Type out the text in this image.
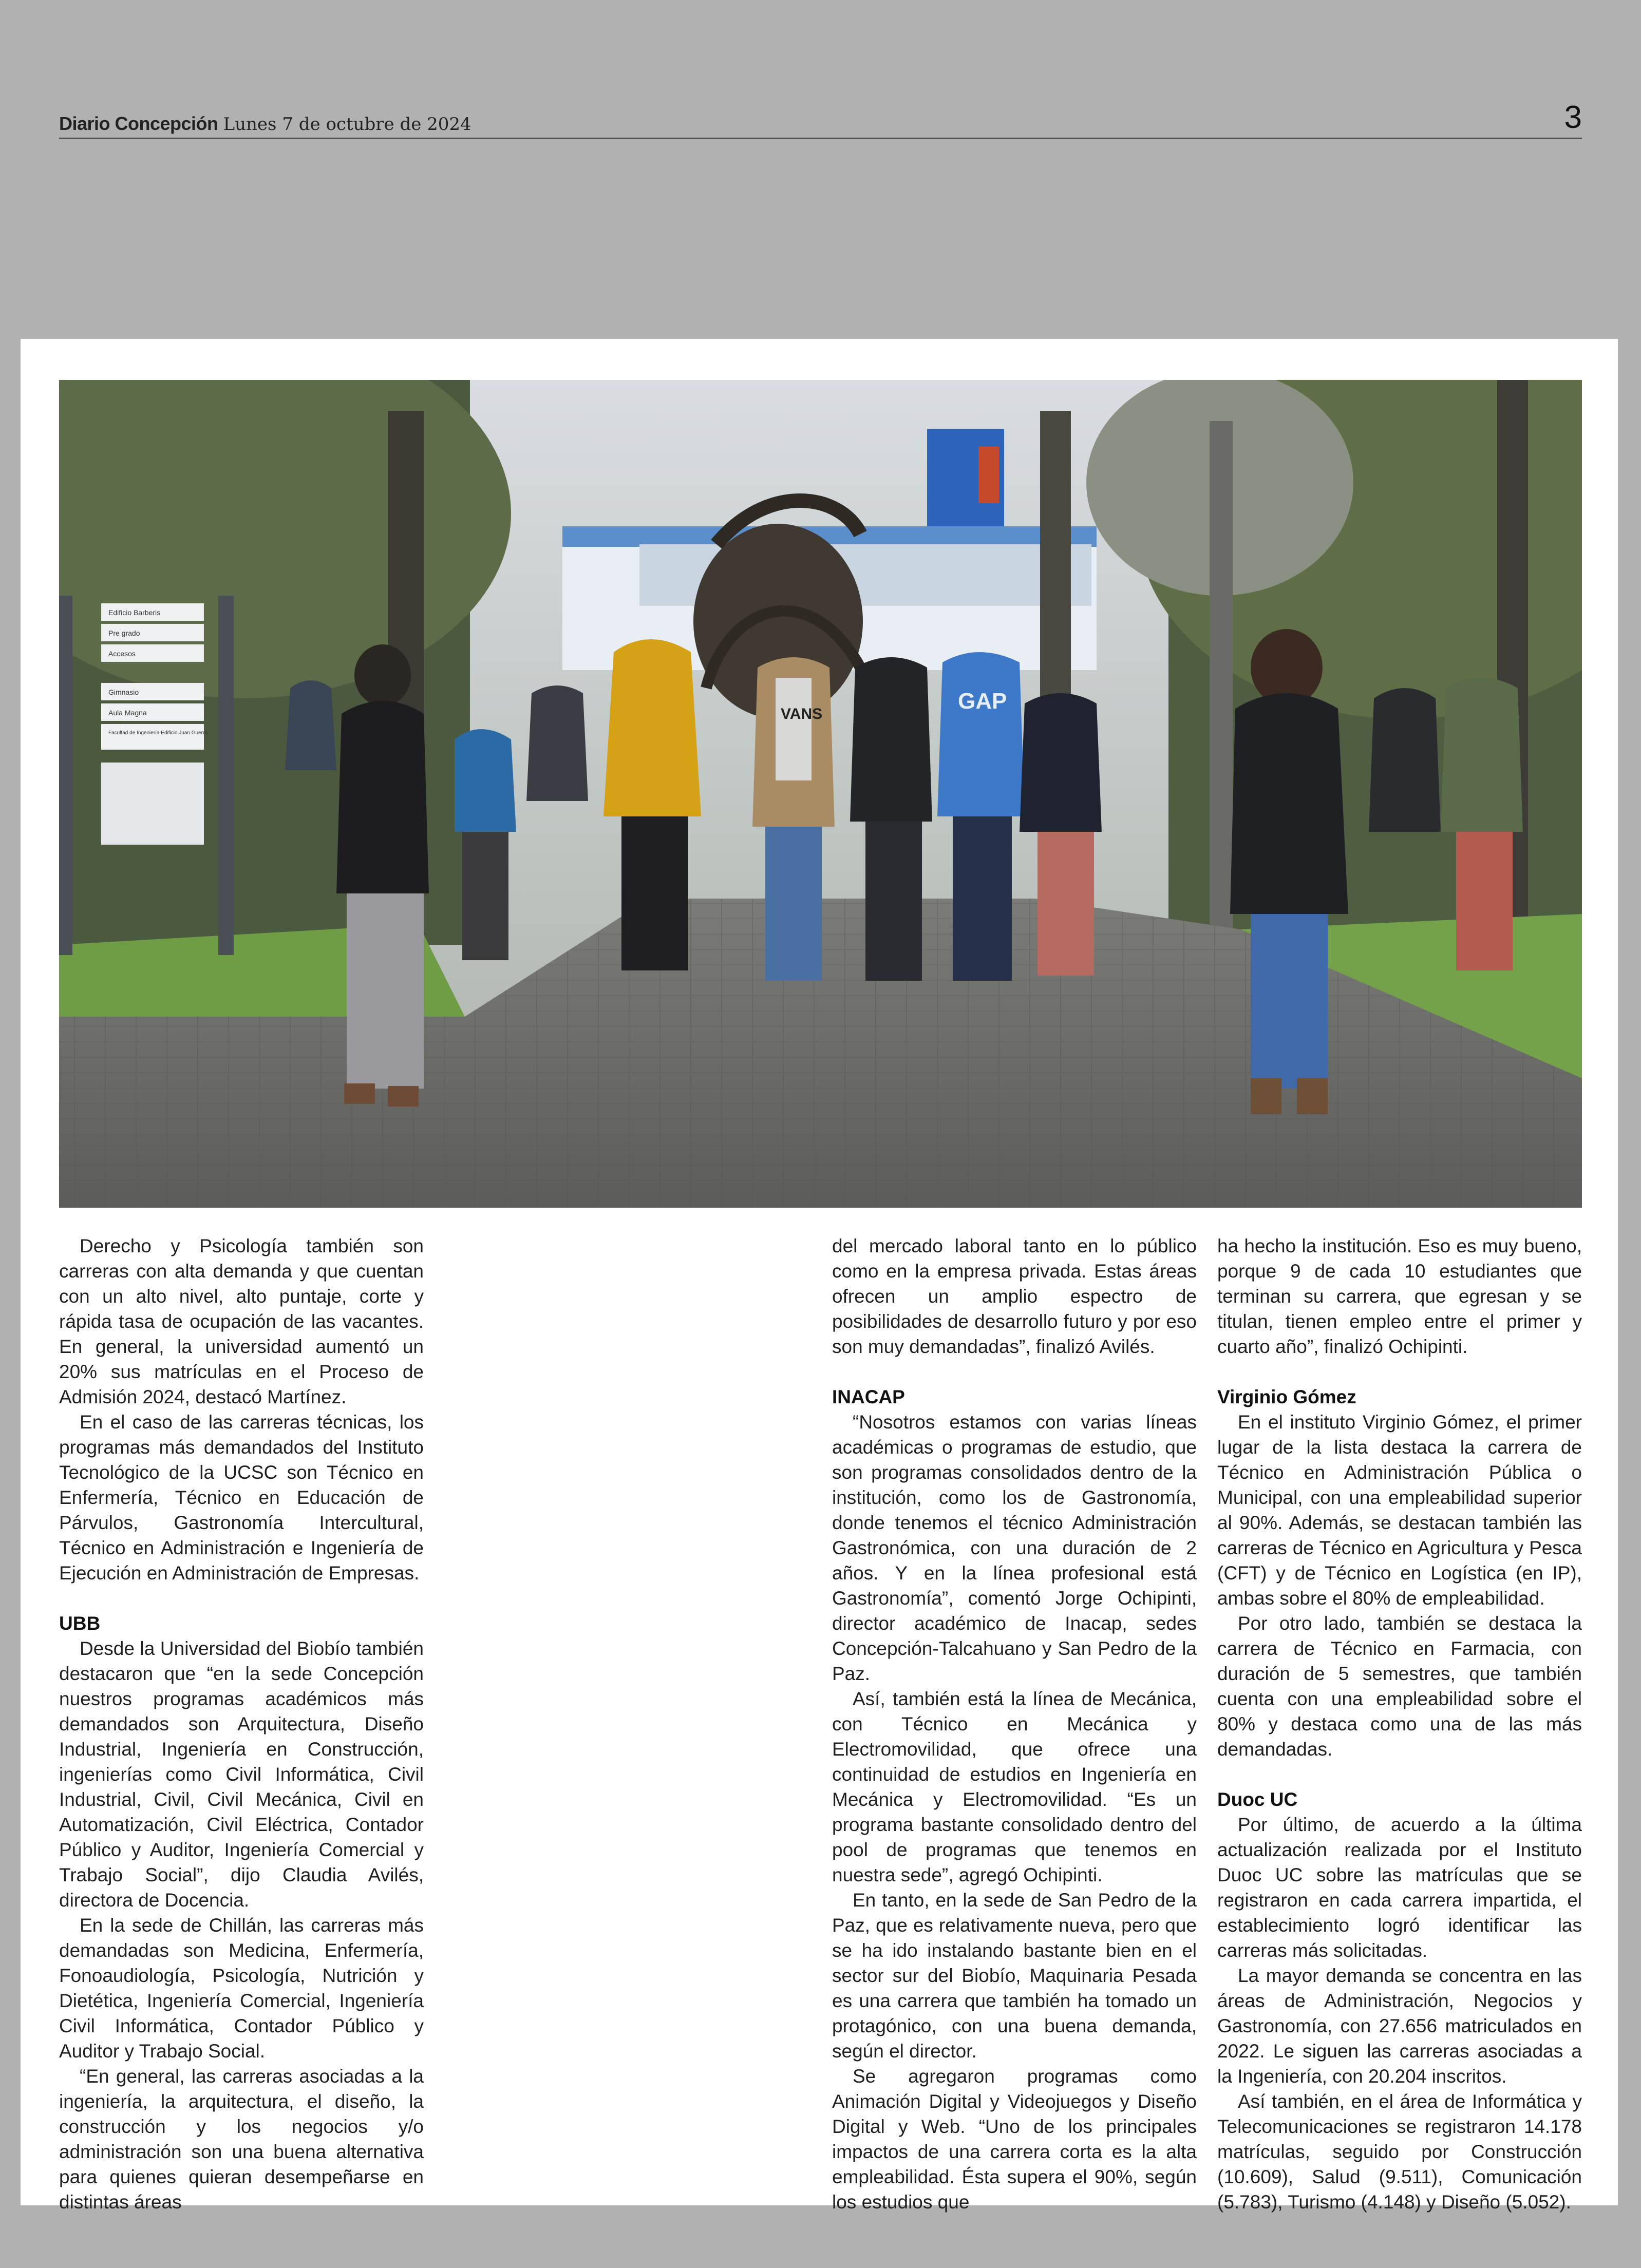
Diario Concepción Lunes 7 de octubre de 2024	3
Edificio Barberis
Pre grado
Accesos
Gimnasio
Aula Magna
Facultad de Ingeniería Edificio Juan Guerra
VANS
GAP

Derecho y Psicología también son carreras con alta demanda y que cuentan con un alto nivel, alto puntaje, corte y rápida tasa de ocupación de las vacantes. En general, la universidad aumentó un 20% sus matrículas en el Proceso de Admisión 2024, destacó Martínez.

En el caso de las carreras técnicas, los programas más demandados del Instituto Tecnológico de la UCSC son Técnico en Enfermería, Técnico en Educación de Párvulos, Gastronomía Intercultural, Técnico en Administración e Ingeniería de Ejecución en Administración de Empresas.

UBB

Desde la Universidad del Biobío también destacaron que “en la sede Concepción nuestros programas académicos más demandados son Arquitectura, Diseño Industrial, Ingeniería en Construcción, ingenierías como Civil Informática, Civil Industrial, Civil, Civil Mecánica, Civil en Automatización, Civil Eléctrica, Contador Público y Auditor, Ingeniería Comercial y Trabajo Social”, dijo Claudia Avilés, directora de Docencia.

En la sede de Chillán, las carreras más demandadas son Medicina, Enfermería, Fonoaudiología, Psicología, Nutrición y Dietética, Ingeniería Comercial, Ingeniería Civil Informática, Contador Público y Auditor y Trabajo Social.

“En general, las carreras asociadas a la ingeniería, la arquitectura, el diseño, la construcción y los negocios y/o administración son una buena alternativa para quienes quieran desempeñarse en distintas áreas

del mercado laboral tanto en lo público como en la empresa privada. Estas áreas ofrecen un amplio espectro de posibilidades de desarrollo futuro y por eso son muy demandadas”, finalizó Avilés.

INACAP

“Nosotros estamos con varias líneas académicas o programas de estudio, que son programas consolidados dentro de la institución, como los de Gastronomía, donde tenemos el técnico Administración Gastronómica, con una duración de 2 años. Y en la línea profesional está Gastronomía”, comentó Jorge Ochipinti, director académico de Inacap, sedes Concepción-Talcahuano y San Pedro de la Paz.

Así, también está la línea de Mecánica, con Técnico en Mecánica y Electromovilidad, que ofrece una continuidad de estudios en Ingeniería en Mecánica y Electromovilidad. “Es un programa bastante consolidado dentro del pool de programas que tenemos en nuestra sede”, agregó Ochipinti.

En tanto, en la sede de San Pedro de la Paz, que es relativamente nueva, pero que se ha ido instalando bastante bien en el sector sur del Biobío, Maquinaria Pesada es una carrera que también ha tomado un protagónico, con una buena demanda, según el director.

Se agregaron programas como Animación Digital y Videojuegos y Diseño Digital y Web. “Uno de los principales impactos de una carrera corta es la alta empleabilidad. Ésta supera el 90%, según los estudios que

ha hecho la institución. Eso es muy bueno, porque 9 de cada 10 estudiantes que terminan su carrera, que egresan y se titulan, tienen empleo entre el primer y cuarto año”, finalizó Ochipinti.

Virginio Gómez

En el instituto Virginio Gómez, el primer lugar de la lista destaca la carrera de Técnico en Administración Pública o Municipal, con una empleabilidad superior al 90%. Además, se destacan también las carreras de Técnico en Agricultura y Pesca (CFT) y de Técnico en Logística (en IP), ambas sobre el 80% de empleabilidad.

Por otro lado, también se destaca la carrera de Técnico en Farmacia, con duración de 5 semestres, que también cuenta con una empleabilidad sobre el 80% y destaca como una de las más demandadas.

Duoc UC

Por último, de acuerdo a la última actualización realizada por el Instituto Duoc UC sobre las matrículas que se registraron en cada carrera impartida, el establecimiento logró identificar las carreras más solicitadas.

La mayor demanda se concentra en las áreas de Administración, Negocios y Gastronomía, con 27.656 matriculados en 2022. Le siguen las carreras asociadas a la Ingeniería, con 20.204 inscritos.

Así también, en el área de Informática y Telecomunicaciones se registraron 14.178 matrículas, seguido por Construcción (10.609), Salud (9.511), Comunicación (5.783), Turismo (4.148) y Diseño (5.052).
